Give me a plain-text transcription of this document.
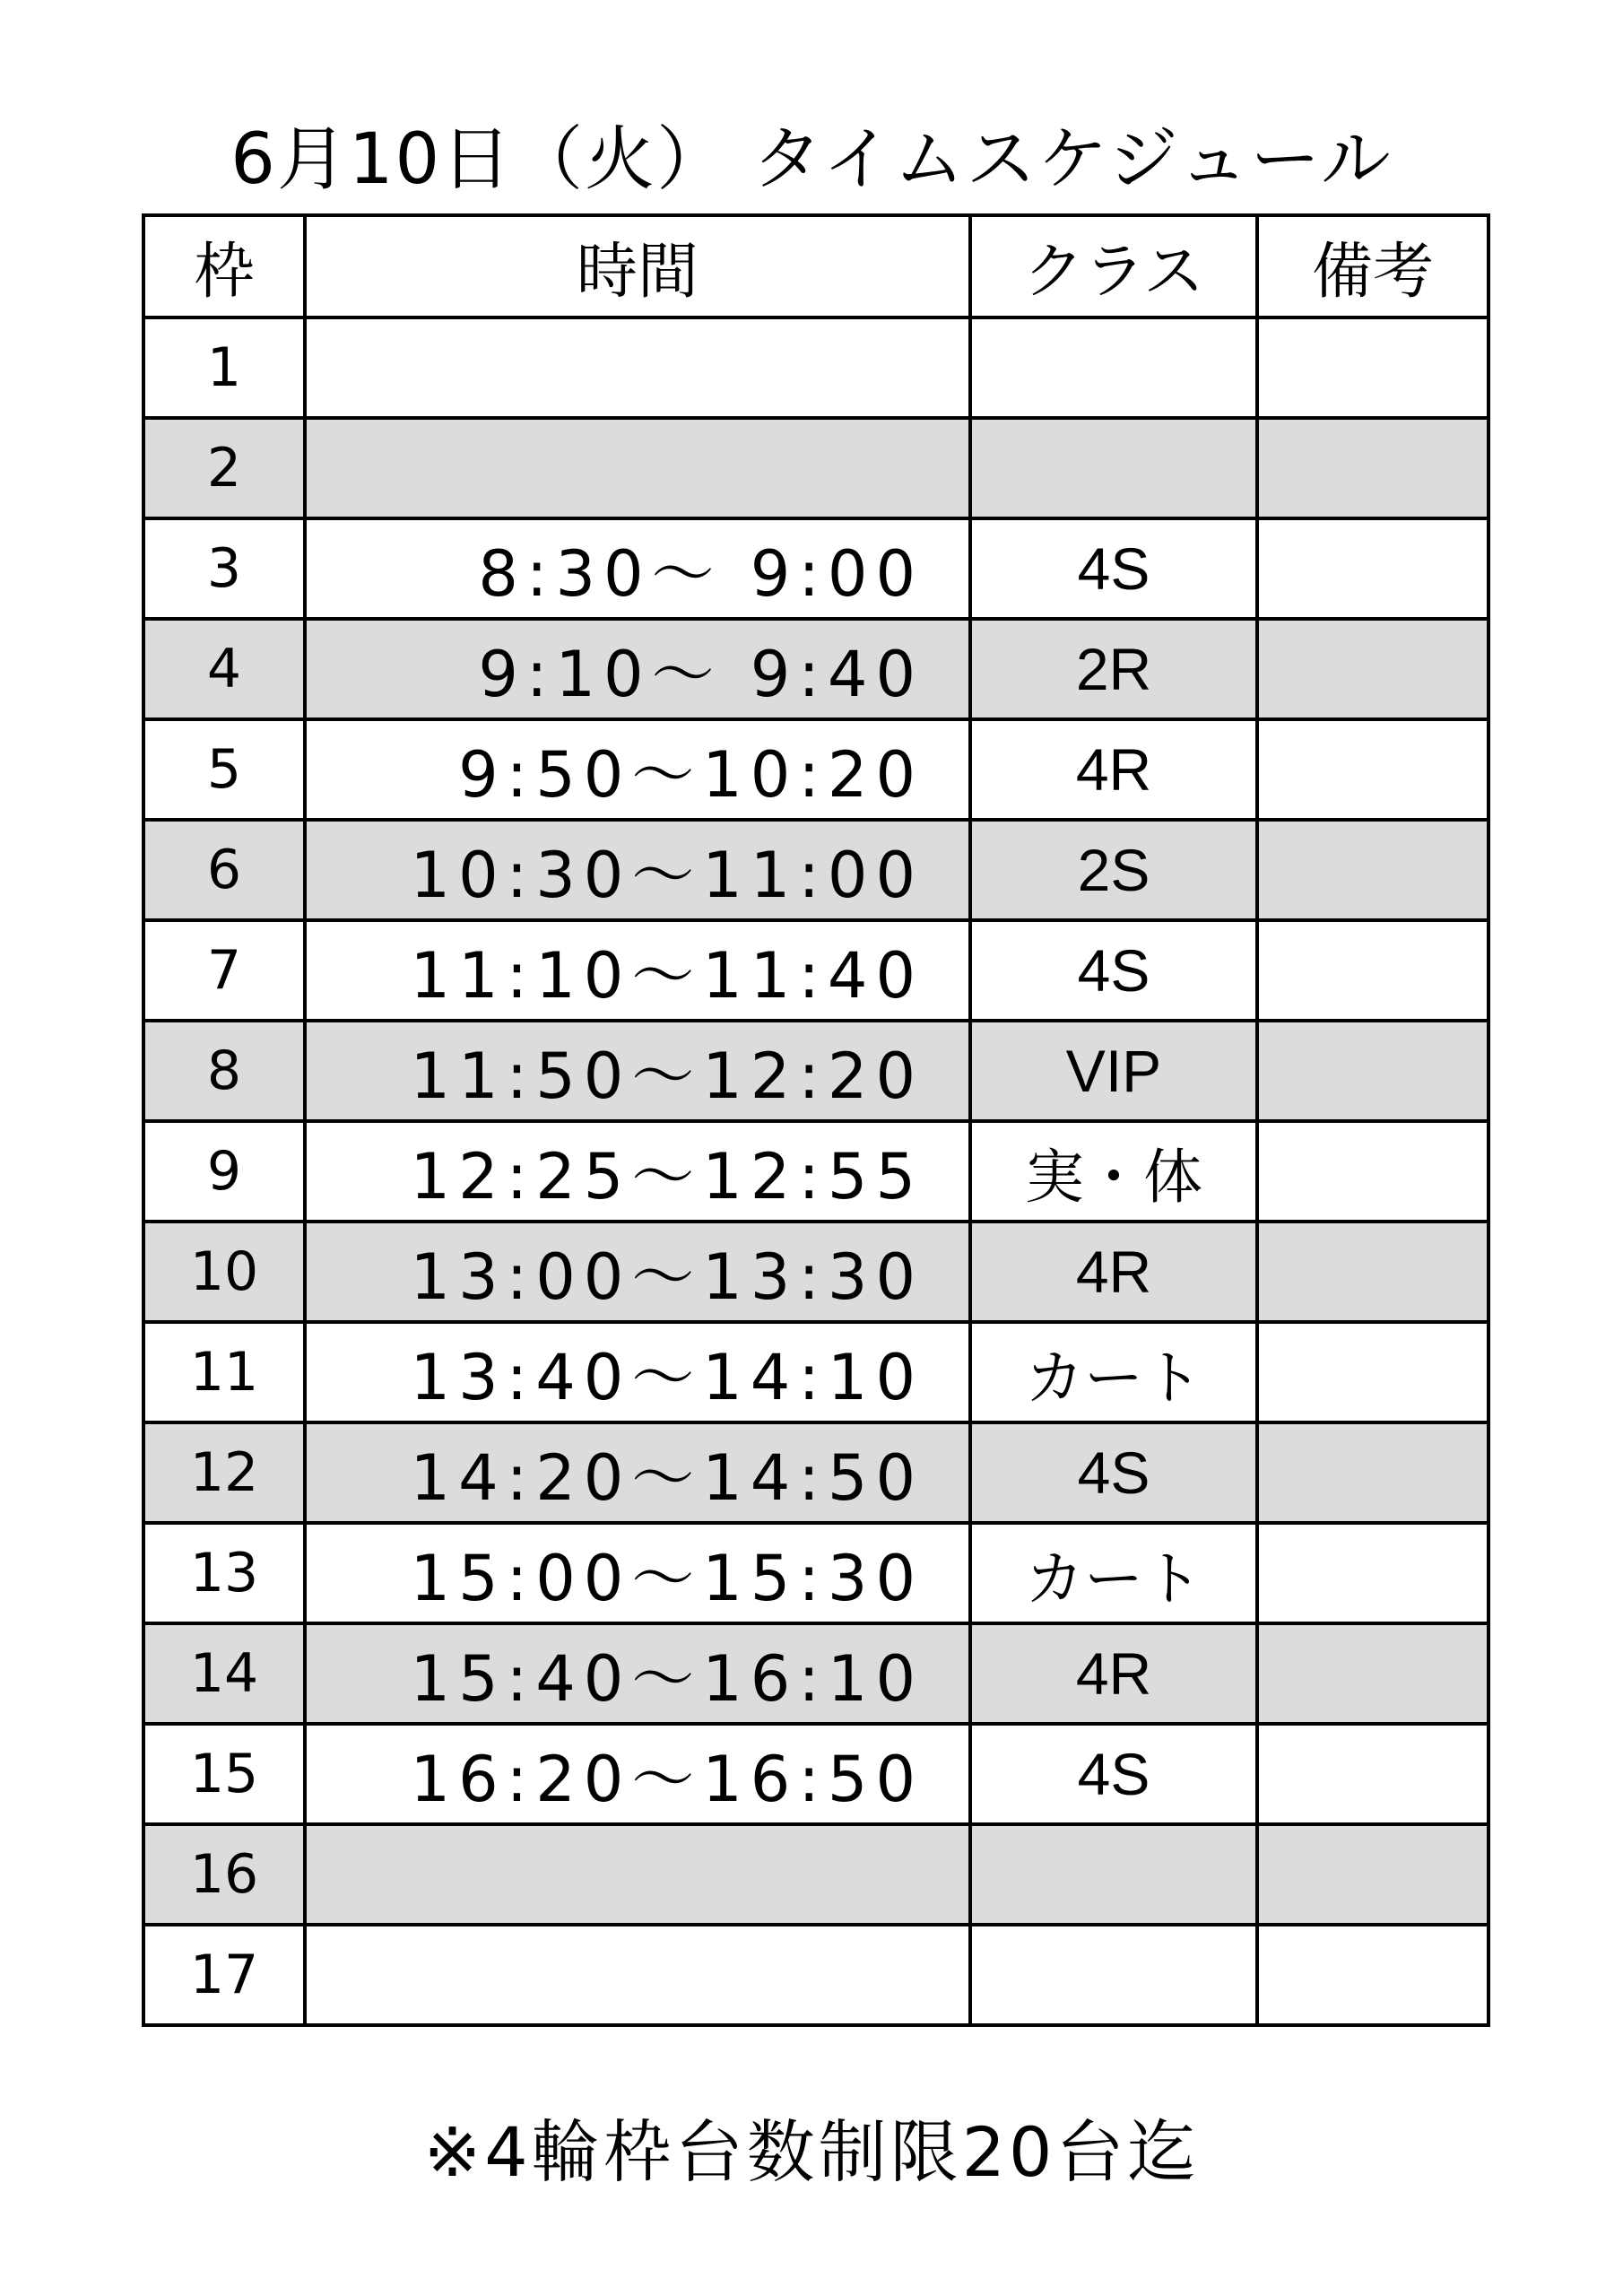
6月10日（火） タイムスケジュール
枠	時間	クラス	備考
1			
2			
3	8:30～ 9:00	4S	
4	9:10～ 9:40	2R	
5	9:50～10:20	4R	
6	10:30～11:00	2S	
7	11:10～11:40	4S	
8	11:50～12:20	VIP	
9	12:25～12:55	実・体	
10	13:00～13:30	4R	
11	13:40～14:10	カート	
12	14:20～14:50	4S	
13	15:00～15:30	カート	
14	15:40～16:10	4R	
15	16:20～16:50	4S	
16			
17			
※4輪枠台数制限20台迄
